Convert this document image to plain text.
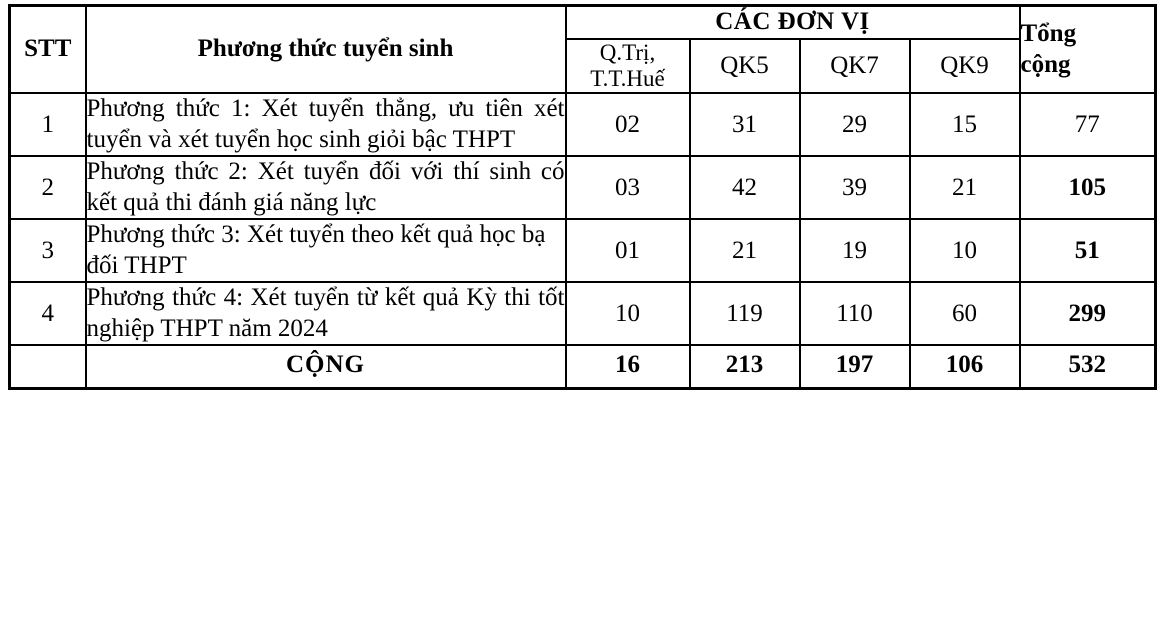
STT	Phương thức tuyển sinh	CÁC ĐƠN VỊ				Tổng
cộng

		Q.Trị, T.T.Huế	QK5	QK7	QK9	
1	Phương thức 1: Xét tuyển thẳng, ưu tiên xét tuyển và xét tuyển học sinh giỏi bậc THPT	02	31	29	15	77
2	Phương thức 2: Xét tuyển đối với thí sinh có kết quả thi đánh giá năng lực	03	42	39	21	105
3	Phương thức 3: Xét tuyển theo kết quả học bạ đối THPT	01	21	19	10	51
4	Phương thức 4: Xét tuyển từ kết quả Kỳ thi tốt nghiệp THPT năm 2024	10	119	110	60	299
	CỘNG	16	213	197	106	532
